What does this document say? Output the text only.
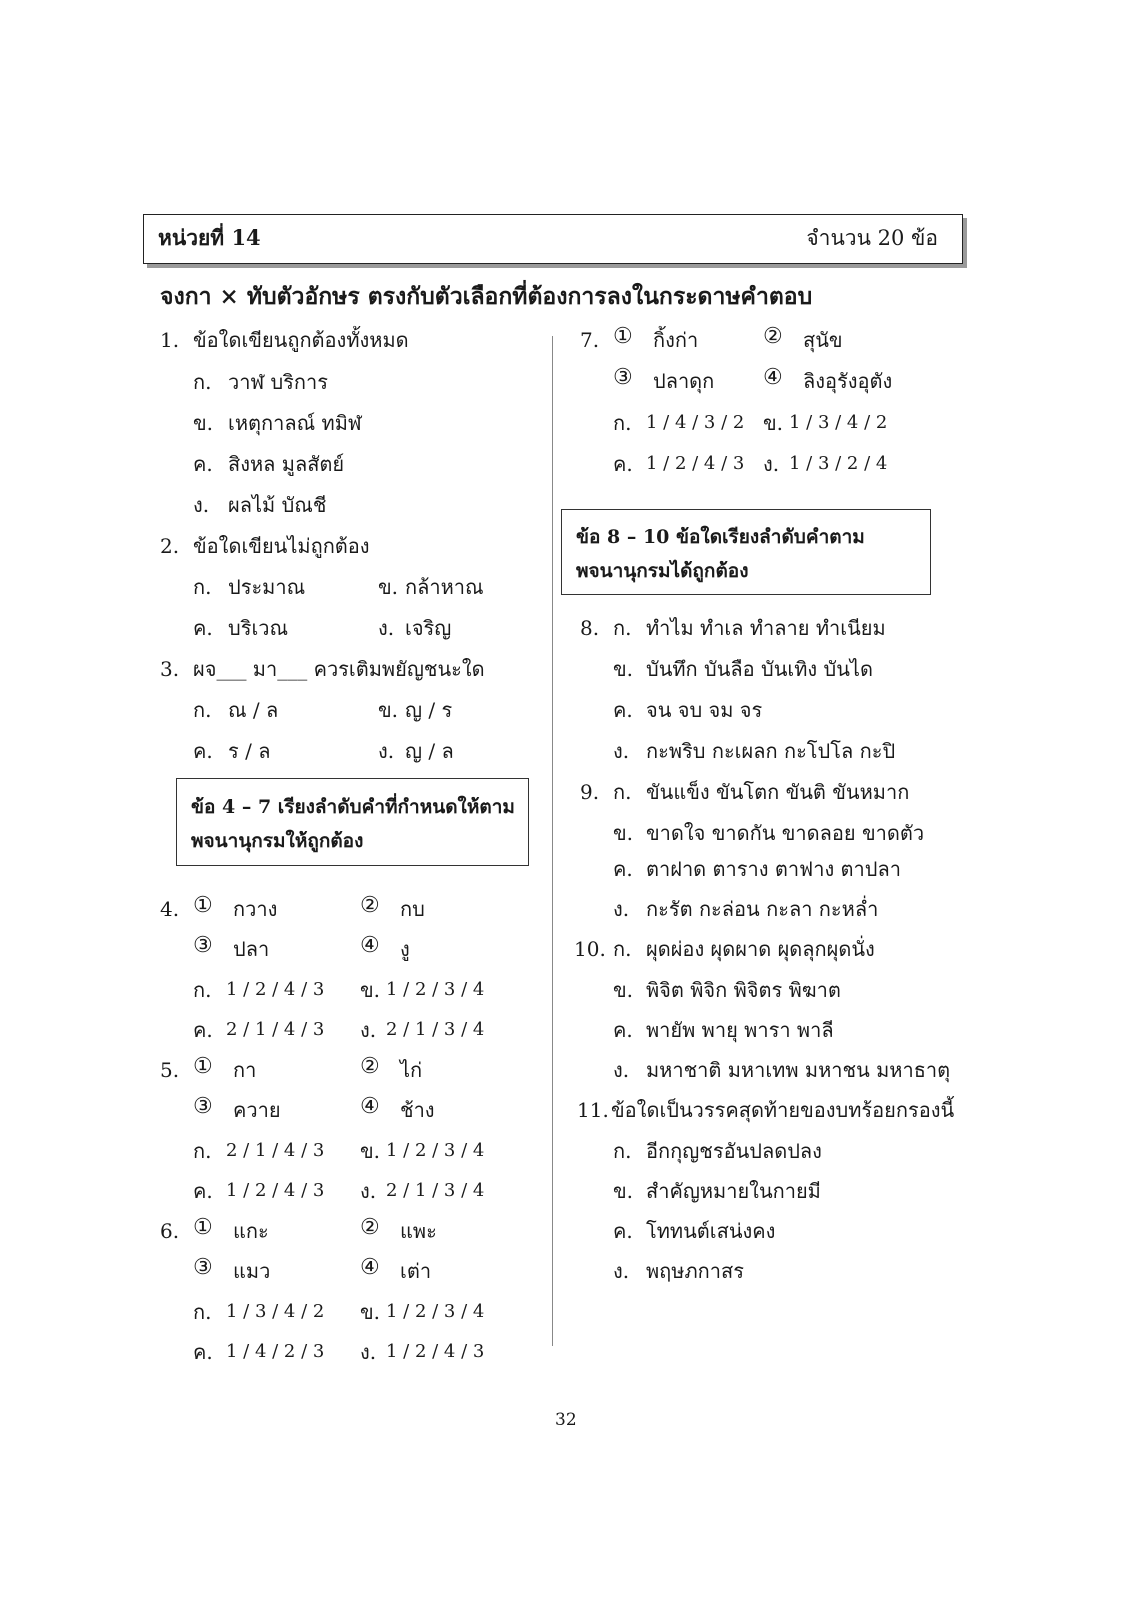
หน่วยที่ 14	จำนวน 20 ข้อ
จงกา × ทับตัวอักษร ตรงกับตัวเลือกที่ต้องการลงในกระดาษคำตอบ
1. ข้อใดเขียนถูกต้องทั้งหมด
ก. วาฬ บริการ
ข. เหตุกาลณ์ ทมิฬ
ค. สิงหล มูลสัตย์
ง. ผลไม้ บัณชี
2. ข้อใดเขียนไม่ถูกต้อง
ก. ประมาณ	ข. กล้าหาณ
ค. บริเวณ	ง. เจริญ
3. ผจ___ มา___ ควรเติมพยัญชนะใด
ก. ณ / ล	ข. ญ / ร
ค. ร / ล	ง. ญ / ล
ข้อ 4 – 7 เรียงลำดับคำที่กำหนดให้ตาม
พจนานุกรมให้ถูกต้อง
4. ① กวาง	② กบ
③ ปลา	④ งู
ก. 1 / 2 / 4 / 3 ข. 1 / 2 / 3 / 4
ค. 2 / 1 / 4 / 3 ง. 2 / 1 / 3 / 4
5. ① กา	② ไก่
③ ควาย	④ ช้าง
ก. 2 / 1 / 4 / 3 ข. 1 / 2 / 3 / 4
ค. 1 / 2 / 4 / 3 ง. 2 / 1 / 3 / 4
6. ① แกะ	② แพะ
③ แมว	④ เต่า
ก. 1 / 3 / 4 / 2 ข. 1 / 2 / 3 / 4
ค. 1 / 4 / 2 / 3 ง. 1 / 2 / 4 / 3
7. ① กิ้งก่า	② สุนัข
③ ปลาดุก ④ ลิงอุรังอุตัง
ก. 1 / 4 / 3 / 2 ข. 1 / 3 / 4 / 2
ค. 1 / 2 / 4 / 3 ง. 1 / 3 / 2 / 4
ข้อ 8 – 10 ข้อใดเรียงลำดับคำตาม
พจนานุกรมได้ถูกต้อง
8. ก. ทำไม ทำเล ทำลาย ทำเนียม
ข. บันทึก บันลือ บันเทิง บันได
ค. จน จบ จม จร
ง. กะพริบ กะเผลก กะโปโล กะปิ
9. ก. ขันแข็ง ขันโตก ขันติ ขันหมาก
ข. ขาดใจ ขาดกัน ขาดลอย ขาดตัว
ค. ตาฝาด ตาราง ตาฟาง ตาปลา
ง. กะรัต กะล่อน กะลา กะหล่ำ
10. ก. ผุดผ่อง ผุดผาด ผุดลุกผุดนั่ง
ข. พิจิต พิจิก พิจิตร พิฆาต
ค. พายัพ พายุ พารา พาลี
ง. มหาชาติ มหาเทพ มหาชน มหาธาตุ
11. ข้อใดเป็นวรรคสุดท้ายของบทร้อยกรองนี้
ก. อีกกุญชรอันปลดปลง
ข. สำคัญหมายในกายมี
ค. โททนต์เสน่งคง
ง. พฤษภกาสร
32
